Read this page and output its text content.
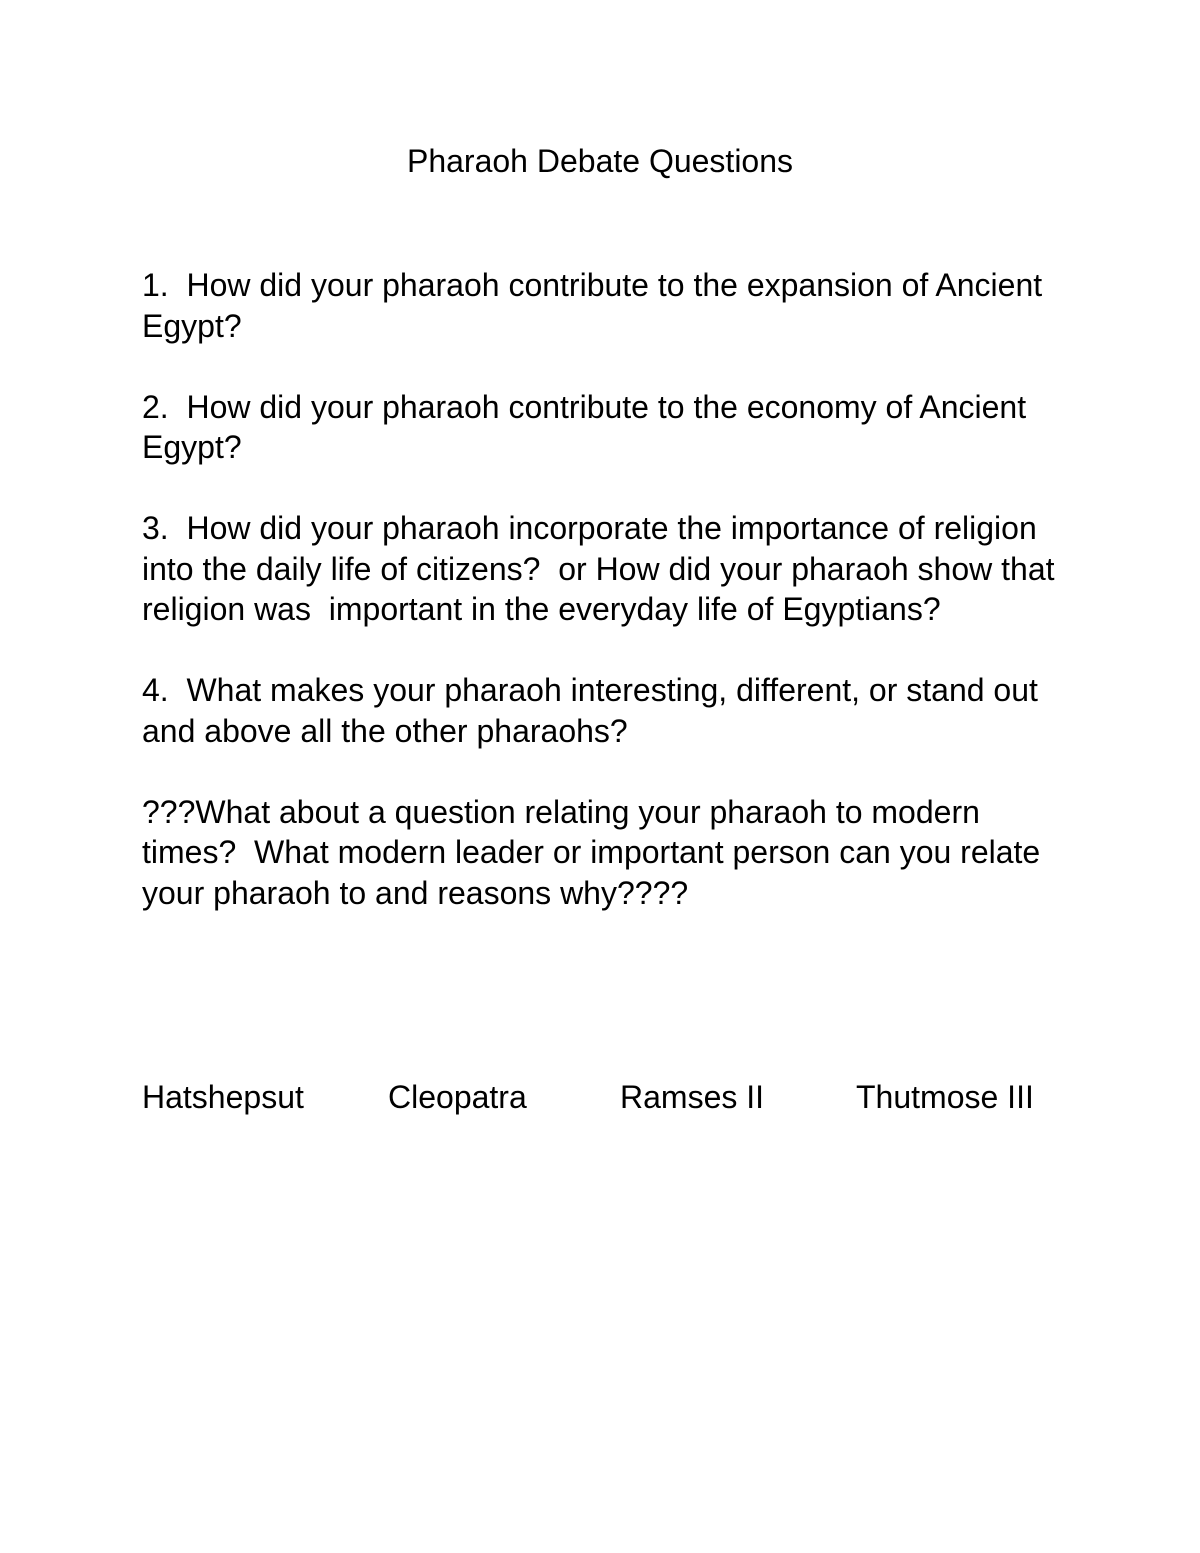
Pharaoh Debate Questions

1.  How did your pharaoh contribute to the expansion of Ancient Egypt?

2.  How did your pharaoh contribute to the economy of Ancient Egypt?

3.  How did your pharaoh incorporate the importance of religion into the daily life of citizens?  or How did your pharaoh show that religion was  important in the everyday life of Egyptians?

4.  What makes your pharaoh interesting, different, or stand out and above all the other pharaohs?

???What about a question relating your pharaoh to modern times?  What modern leader or important person can you relate your pharaoh to and reasons why????

Hatshepsut	Cleopatra	Ramses II	Thutmose III
